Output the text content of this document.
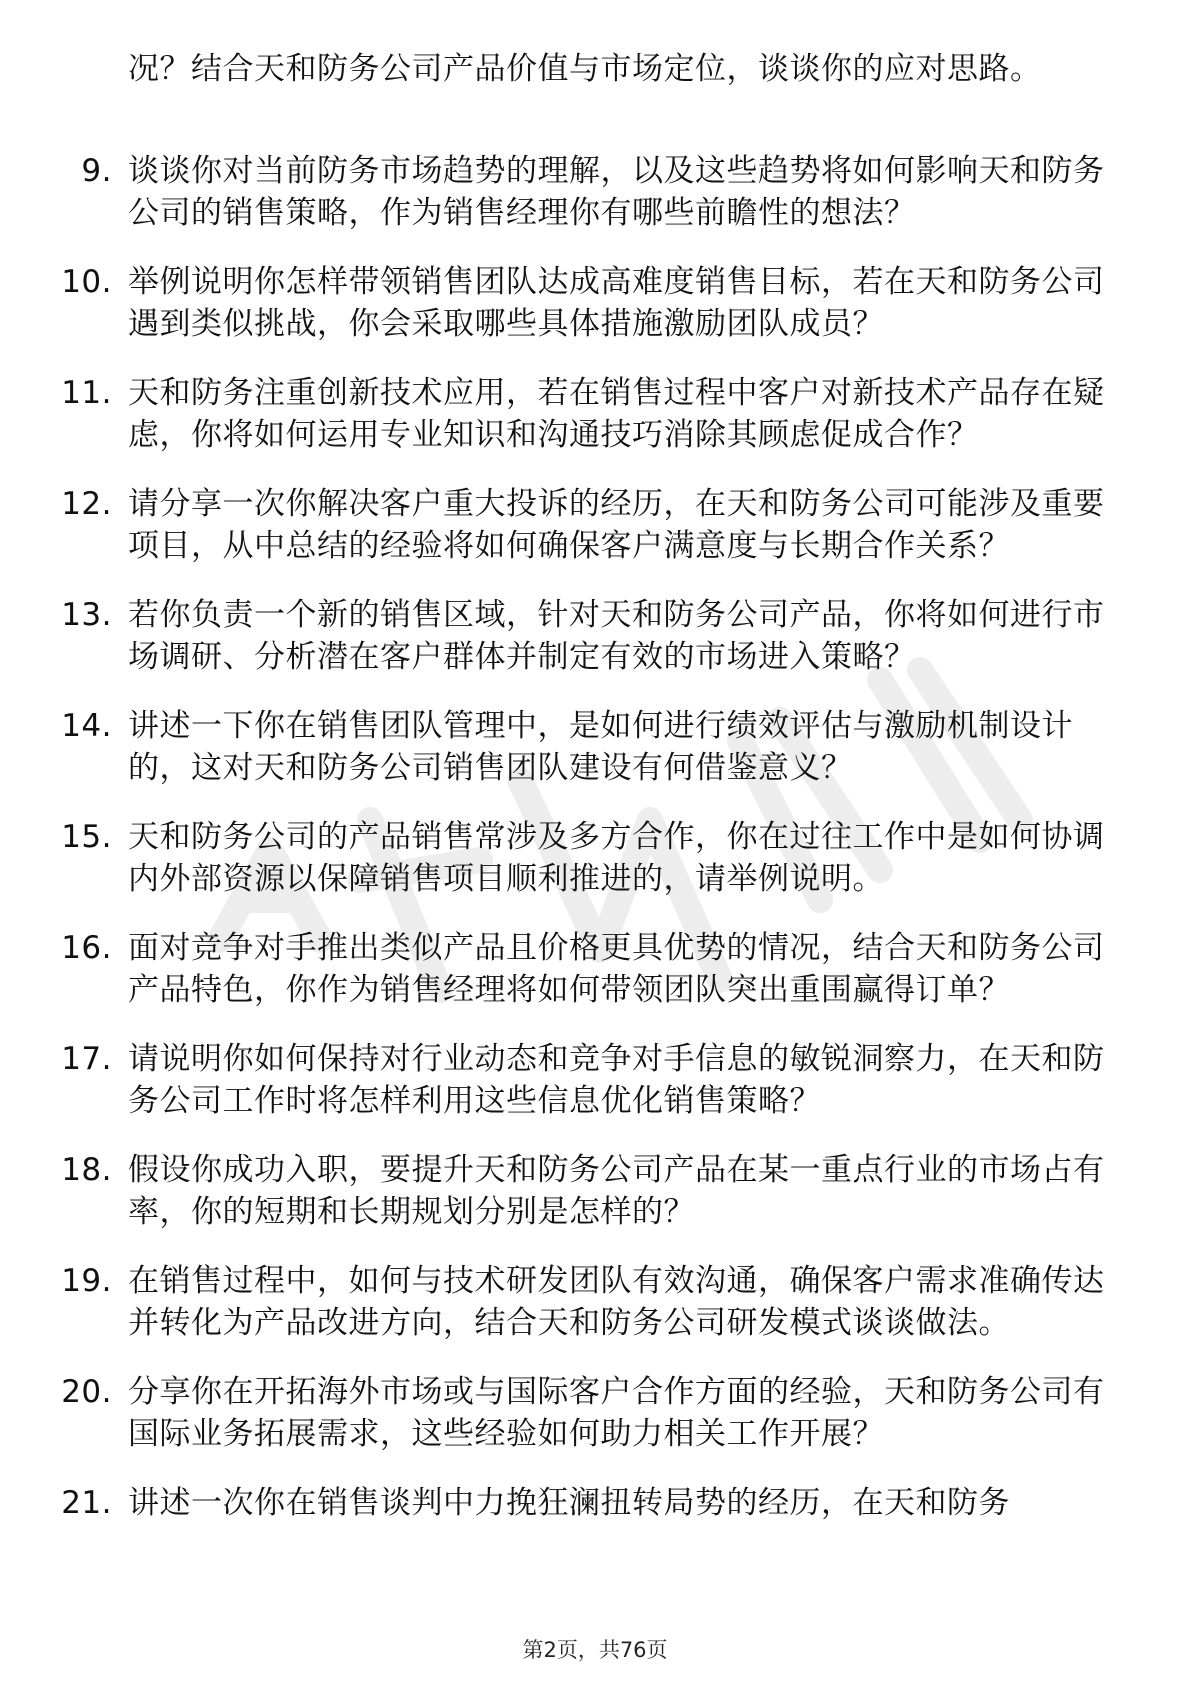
况？结合天和防务公司产品价值与市场定位，谈谈你的应对思路。

9. 谈谈你对当前防务市场趋势的理解，以及这些趋势将如何影响天和防务公司的销售策略，作为销售经理你有哪些前瞻性的想法？
10. 举例说明你怎样带领销售团队达成高难度销售目标，若在天和防务公司遇到类似挑战，你会采取哪些具体措施激励团队成员？
11. 天和防务注重创新技术应用，若在销售过程中客户对新技术产品存在疑虑，你将如何运用专业知识和沟通技巧消除其顾虑促成合作？
12. 请分享一次你解决客户重大投诉的经历，在天和防务公司可能涉及重要项目，从中总结的经验将如何确保客户满意度与长期合作关系？
13. 若你负责一个新的销售区域，针对天和防务公司产品，你将如何进行市场调研、分析潜在客户群体并制定有效的市场进入策略？
14. 讲述一下你在销售团队管理中，是如何进行绩效评估与激励机制设计的，这对天和防务公司销售团队建设有何借鉴意义？
15. 天和防务公司的产品销售常涉及多方合作，你在过往工作中是如何协调内外部资源以保障销售项目顺利推进的，请举例说明。
16. 面对竞争对手推出类似产品且价格更具优势的情况，结合天和防务公司产品特色，你作为销售经理将如何带领团队突出重围赢得订单？
17. 请说明你如何保持对行业动态和竞争对手信息的敏锐洞察力，在天和防务公司工作时将怎样利用这些信息优化销售策略？
18. 假设你成功入职，要提升天和防务公司产品在某一重点行业的市场占有率，你的短期和长期规划分别是怎样的？
19. 在销售过程中，如何与技术研发团队有效沟通，确保客户需求准确传达并转化为产品改进方向，结合天和防务公司研发模式谈谈做法。
20. 分享你在开拓海外市场或与国际客户合作方面的经验，天和防务公司有国际业务拓展需求，这些经验如何助力相关工作开展？
21. 讲述一次你在销售谈判中力挽狂澜扭转局势的经历，在天和防务
第2页，共76页
